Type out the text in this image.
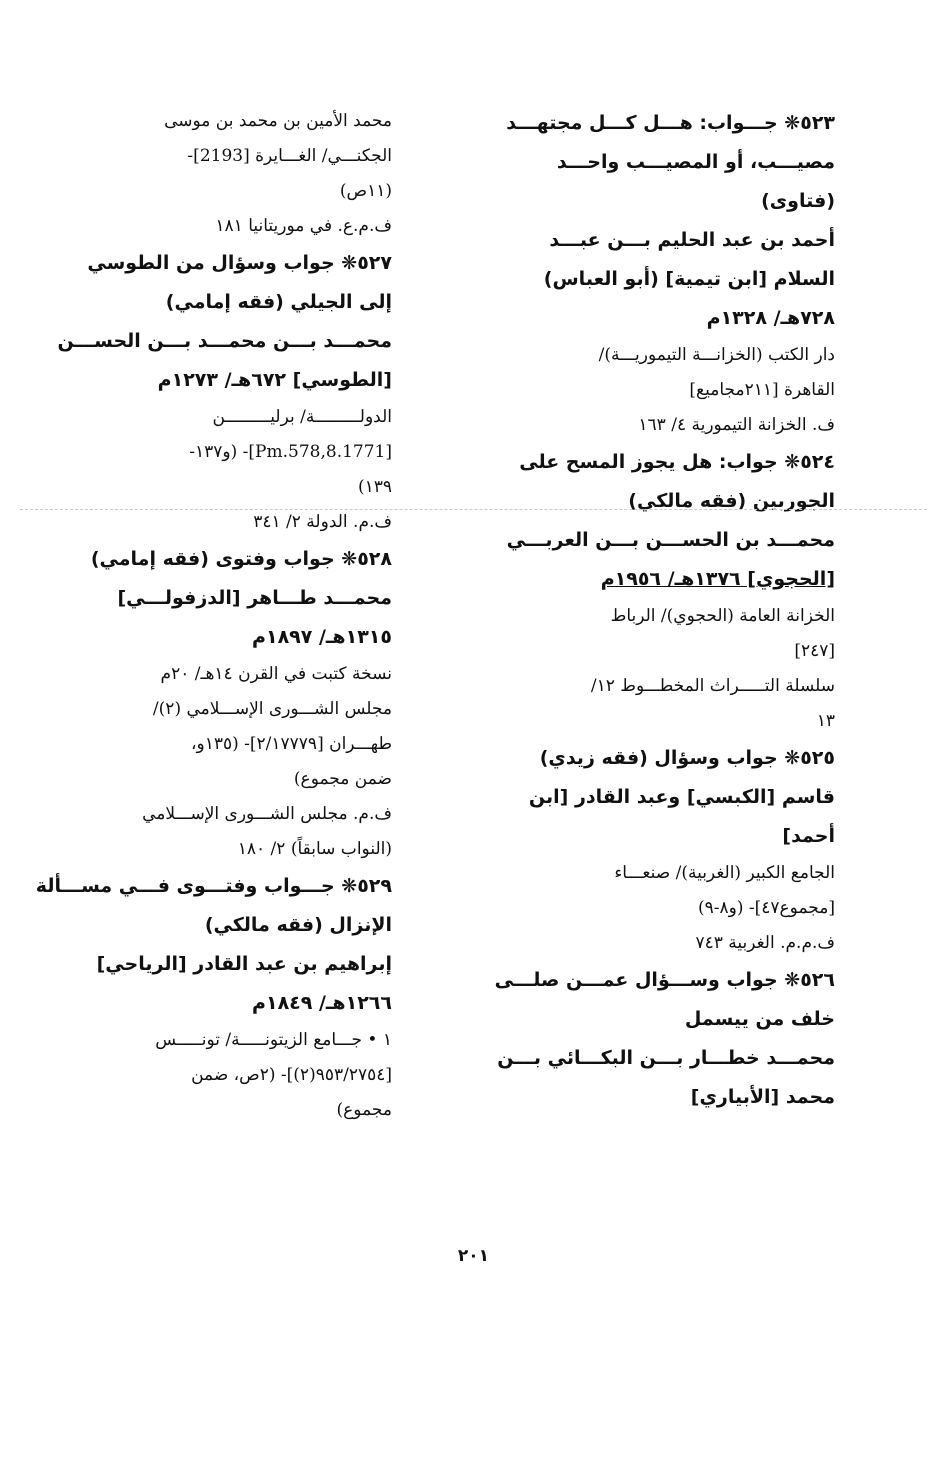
٥٢٣❋ جـــواب: هـــل كـــل مجتهـــد
مصيـــب، أو المصيـــب واحـــد
(فتاوى)
أحمد بن عبد الحليم بـــن عبـــد
السلام [ابن تيمية] (أبو العباس)
٧٢٨هـ/ ١٣٢٨م
دار الكتب (الخزانـــة التيموريـــة)/
القاهرة [٢١١مجاميع]
ف. الخزانة التيمورية ٤/ ١٦٣
٥٢٤❋ جواب: هل يجوز المسح على
الجوربين (فقه مالكي)
محمـــد بن الحســـن بـــن العربـــي
[الحجوي] ١٣٧٦هـ/ ١٩٥٦م
الخزانة العامة (الحجوي)/ الرباط
[٢٤٧]
سلسلة التـــــراث المخطـــوط ١٢/
١٣
٥٢٥❋ جواب وسؤال (فقه زيدي)
قاسم [الكبسي] وعبد القادر [ابن
أحمد]
الجامع الكبير (الغربية)/ صنعـــاء
[مجموع٤٧]- (و٨-٩)
ف.م.م. الغربية ٧٤٣
٥٢٦❋ جواب وســـؤال عمـــن صلـــى
خلف من ييسمل
محمـــد خطـــار بـــن البكـــائي بـــن
محمد [الأبياري]
محمد الأمين بن محمد بن موسى
الجكنـــي/ الغـــايرة [2193]-
(١١ص)
ف.م.ع. في موريتانيا ١٨١
٥٢٧❋ جواب وسؤال من الطوسي
إلى الجيلي (فقه إمامي)
محمـــد بـــن محمـــد بـــن الحســـن
[الطوسي] ٦٧٢هـ/ ١٢٧٣م
الدولـــــــــة/ برليـــــــــن
[1771.Pm.578,8]- (و١٣٧-
١٣٩)
ف.م. الدولة ٢/ ٣٤١
٥٢٨❋ جواب وفتوى (فقه إمامي)
محمـــد طـــاهر [الدزفولـــي]
١٣١٥هـ/ ١٨٩٧م
نسخة كتبت في القرن ١٤هـ/ ٢٠م
مجلس الشـــورى الإســـلامي (٢)/
طهـــران [٢/١٧٧٧٩]- (١٣٥و،
ضمن مجموع)
ف.م. مجلس الشـــورى الإســـلامي
(النواب سابقاً) ٢/ ١٨٠
٥٢٩❋ جـــواب وفتـــوى فـــي مســـألة
الإنزال (فقه مالكي)
إبراهيم بن عبد القادر [الرياحي]
١٢٦٦هـ/ ١٨٤٩م
١ • جـــامع الزيتونـــــة/ تونـــــس
[٩٥٣/٢٧٥٤(٢)]- (٢ص، ضمن
مجموع)
٢٠١
